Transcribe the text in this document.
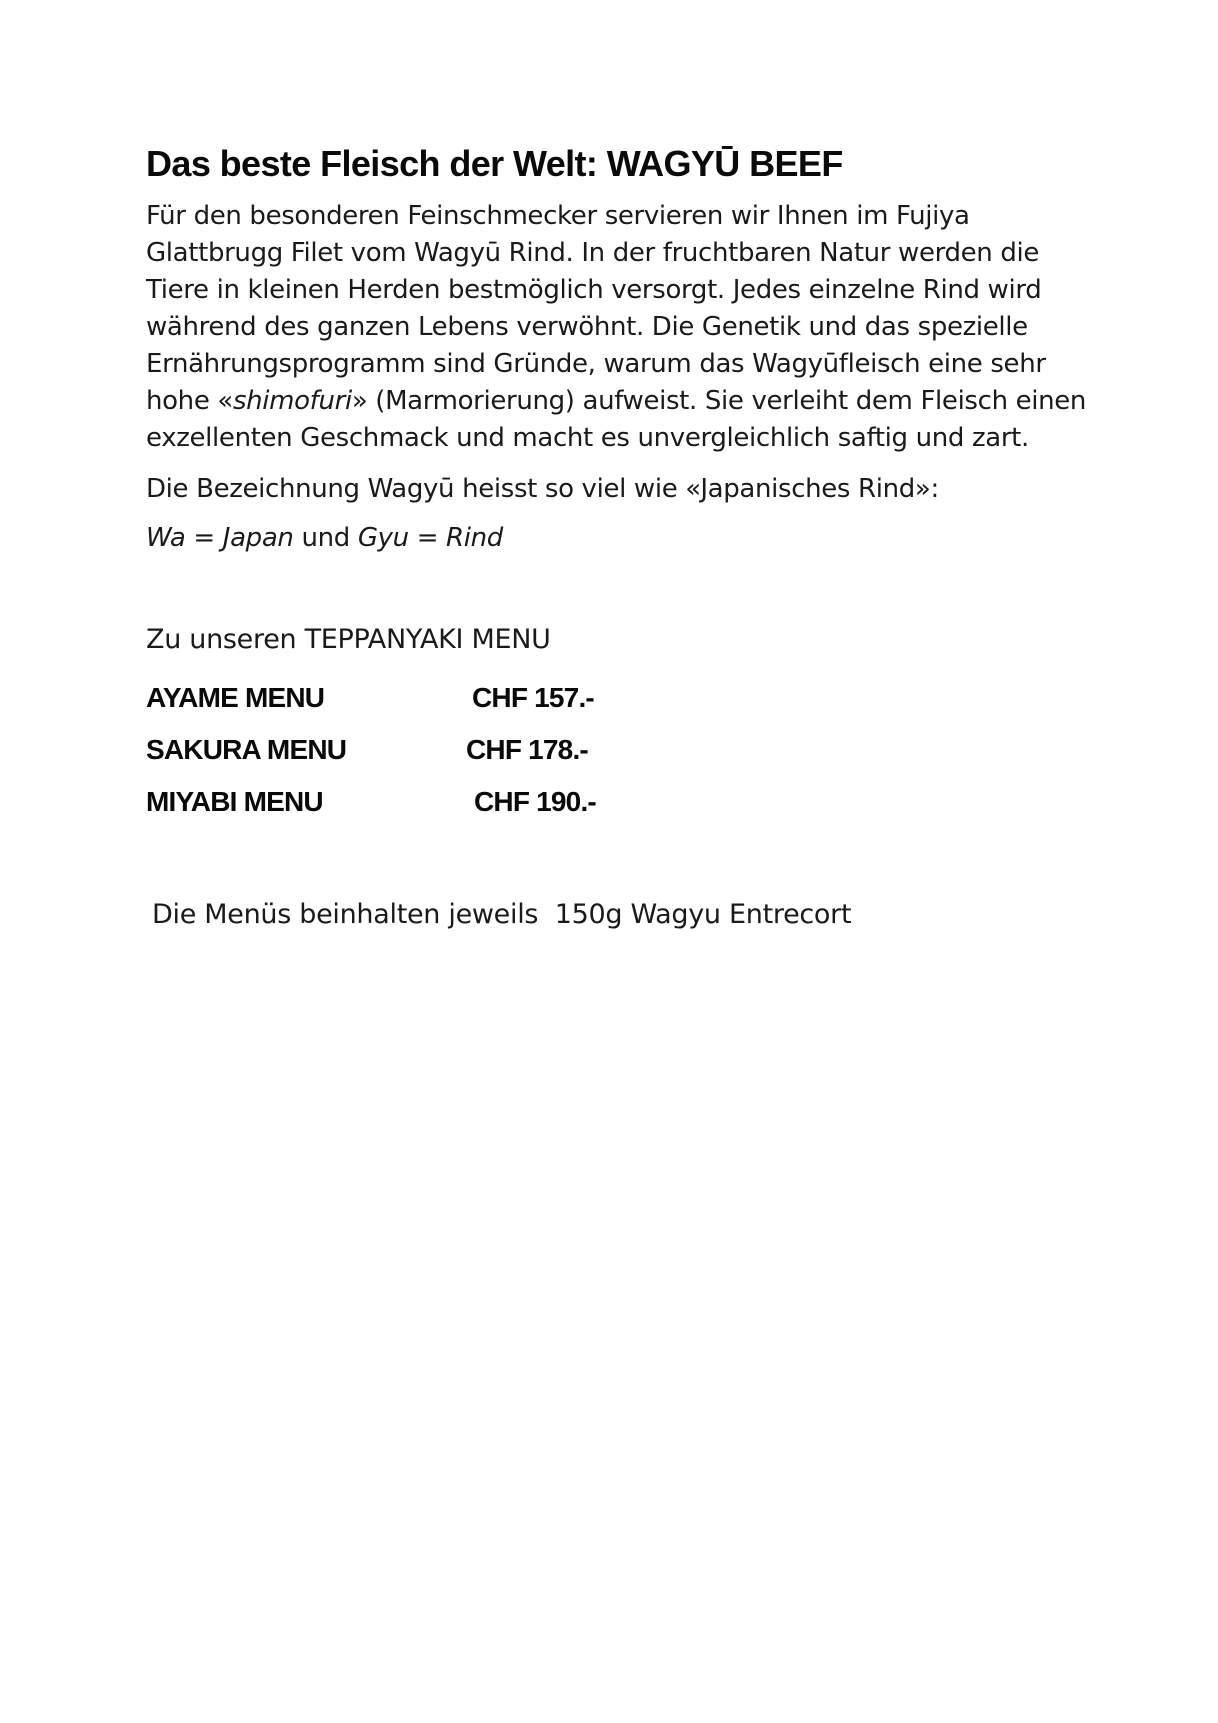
Das beste Fleisch der Welt: WAGYŪ BEEF

Für den besonderen Feinschmecker servieren wir Ihnen im Fujiya Glattbrugg Filet vom Wagyū Rind. In der fruchtbaren Natur werden die Tiere in kleinen Herden bestmöglich versorgt. Jedes einzelne Rind wird während des ganzen Lebens verwöhnt. Die Genetik und das spezielle Ernährungsprogramm sind Gründe, warum das Wagyūfleisch eine sehr hohe «shimofuri» (Marmorierung) aufweist. Sie verleiht dem Fleisch einen exzellenten Geschmack und macht es unvergleichlich saftig und zart.

Die Bezeichnung Wagyū heisst so viel wie «Japanisches Rind»:

Wa = Japan und Gyu = Rind

Zu unseren TEPPANYAKI MENU

AYAME MENU	CHF 157.-
SAKURA MENU	CHF 178.-
MIYABI MENU	CHF 190.-

Die Menüs beinhalten jeweils  150g Wagyu Entrecort
